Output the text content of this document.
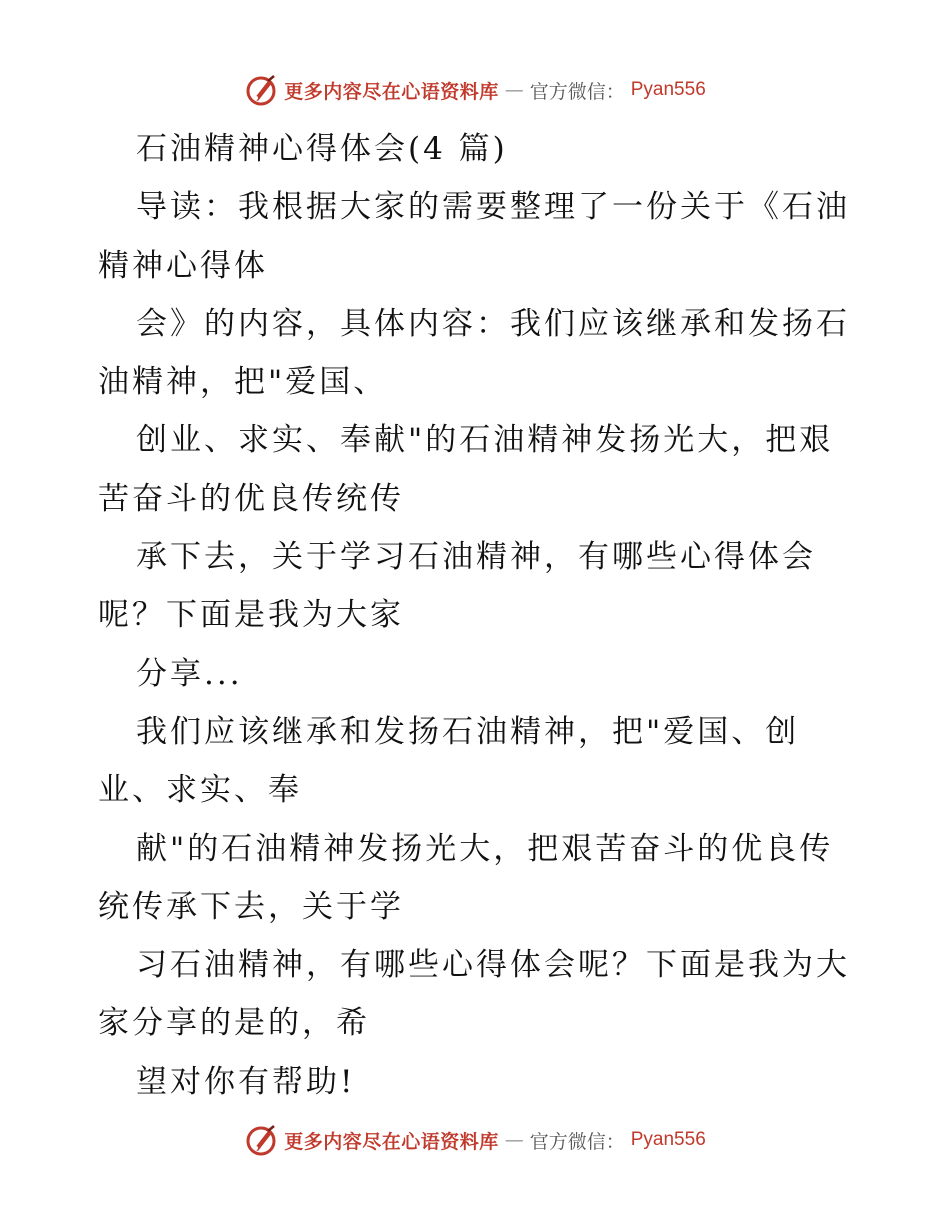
更多内容尽在心语资料库 — 官方微信： Pyan556
石油精神心得体会(4 篇)
导读：我根据大家的需要整理了一份关于《石油
精神心得体
会》的内容，具体内容：我们应该继承和发扬石
油精神，把"爱国、
创业、求实、奉献"的石油精神发扬光大，把艰
苦奋斗的优良传统传
承下去，关于学习石油精神，有哪些心得体会
呢？下面是我为大家
分享...
我们应该继承和发扬石油精神，把"爱国、创
业、求实、奉
献"的石油精神发扬光大，把艰苦奋斗的优良传
统传承下去，关于学
习石油精神，有哪些心得体会呢？下面是我为大
家分享的是的，希
望对你有帮助!
更多内容尽在心语资料库 — 官方微信： Pyan556
